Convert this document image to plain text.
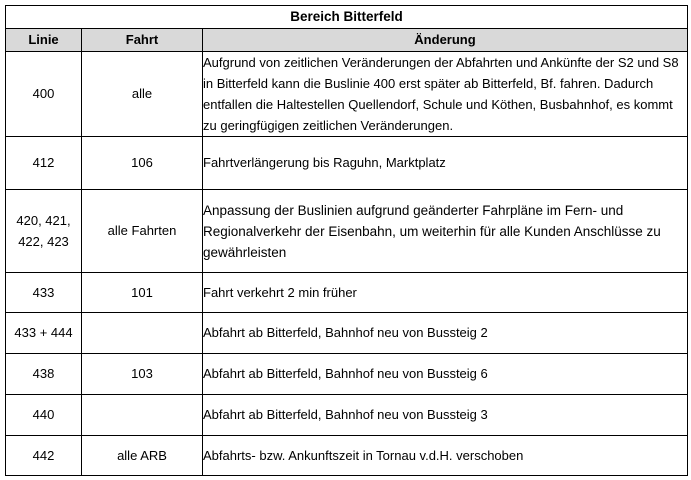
Bereich Bitterfeld		
Linie	Fahrt	Änderung
400	alle	Aufgrund von zeitlichen Veränderungen der Abfahrten und Ankünfte der S2 und S8 in Bitterfeld kann die Buslinie 400 erst später ab Bitterfeld, Bf. fahren. Dadurch entfallen die Haltestellen Quellendorf, Schule und Köthen, Busbahnhof, es kommt zu geringfügigen zeitlichen Veränderungen.
412	106	Fahrtverlängerung bis Raguhn, Marktplatz
420, 421,
422, 423	alle Fahrten	Anpassung der Buslinien aufgrund geänderter Fahrpläne im Fern- und Regionalverkehr der Eisenbahn, um weiterhin für alle Kunden Anschlüsse zu gewährleisten
433	101	Fahrt verkehrt 2 min früher
433 + 444		Abfahrt ab Bitterfeld, Bahnhof neu von Bussteig 2
438	103	Abfahrt ab Bitterfeld, Bahnhof neu von Bussteig 6
440		Abfahrt ab Bitterfeld, Bahnhof neu von Bussteig 3
442	alle ARB	Abfahrts- bzw. Ankunftszeit in Tornau v.d.H. verschoben
